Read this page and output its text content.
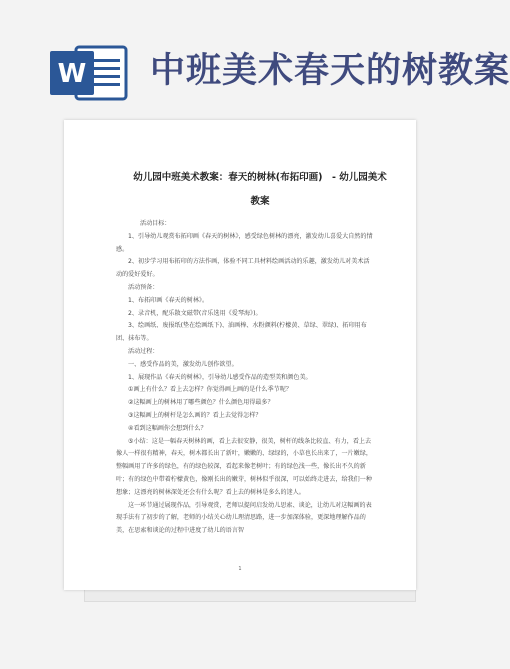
W 中班美术春天的树教案

幼儿园中班美术教案：春天的树林(布拓印画)　- 幼儿园美术教案

活动目标：

1、引导幼儿观赏布拓印画《春天的树林》，感受绿色树林的漂亮，激发幼儿喜爱大自然的情感。

2、初步学习用布拓印的方法作画，体验不同工具材料绘画活动的乐趣，激发幼儿对美术活动的爱好爱好。

活动预备：

1、布拓印画《春天的树林》。

2、录音机，配乐散文磁带(音乐选用《爱琴海》)。

3、绘画纸、废报纸(垫在绘画纸下)、油画棒、水粉颜料(柠檬黄、草绿、翠绿)、拓印用布团、抹布等。

活动过程：

一、感受作品的美，激发幼儿创作欲望。

1、展现作品《春天的树林》，引导幼儿感受作品的造型美和颜色美。

①画上有什么？看上去怎样？你觉得画上画的是什么季节呢？

②这幅画上的树林用了哪些颜色？什么颜色用得最多？

③这幅画上的树杆是怎么画的？看上去觉得怎样？

④看到这幅画你会想到什么？

⑤小结：这是一幅春天树林的画，看上去很安静，很美，树杆的线条比较直、有力，看上去像人一样很有精神，春天，树木都长出了新叶，嫩嫩的、绿绿的，小草也长出来了，一片嫩绿，整幅画用了许多的绿色，有的绿色较深，看起来像老树叶；有的绿色浅一些，像长出不久的新叶；有的绿色中带着柠檬黄色，像刚长出的嫩芽，树林似乎很深，可以始终走进去，给我们一种想象；这漂亮的树林深处还会有什么呢？看上去的树林是多么的迷人。

这一环节通过展现作品，引导观赏，老师以提问启发幼儿思索、谈论，让幼儿对这幅画的表现手法有了初步的了解，老师的小结关心幼儿理清思路，进一步加深体验，更深地理解作品的美，在思索和谈论的过程中进度了幼儿的语言智

1
